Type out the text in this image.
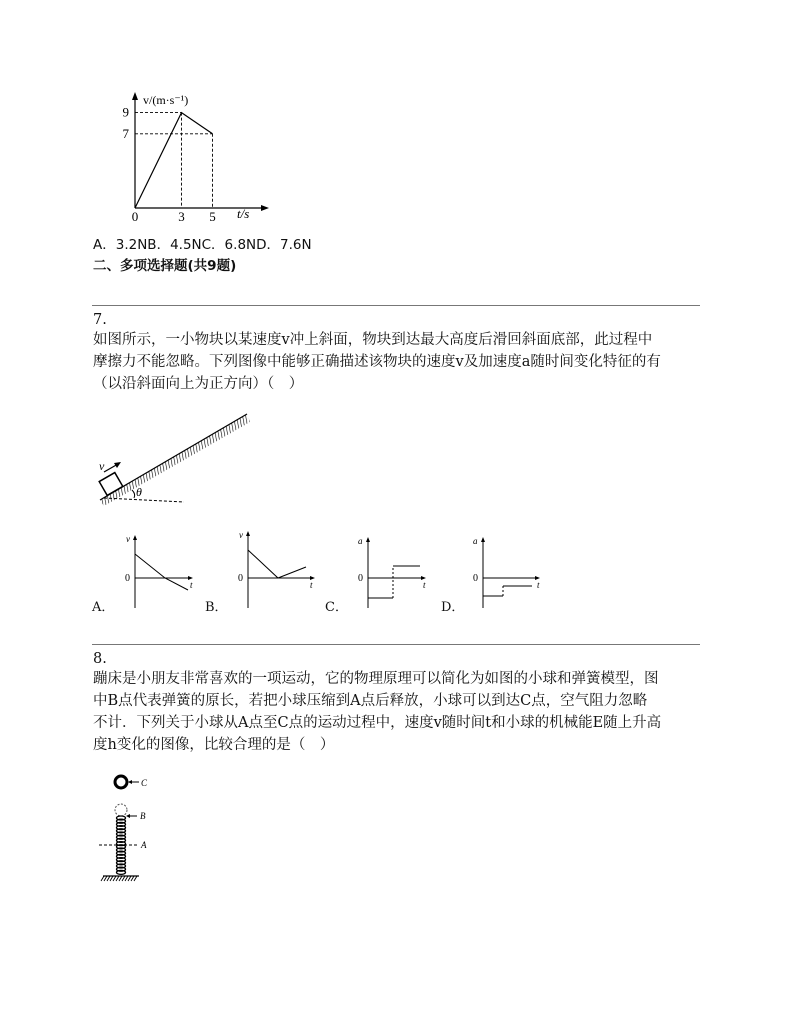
9
7
0	3 5
v/(m·s⁻¹)
t/s
A．3.2NB．4.5NC．6.8ND．7.6N
二、多项选择题(共9题)
7.
如图所示，一小物块以某速度v冲上斜面，物块到达最大高度后滑回斜面底部，此过程中
摩擦力不能忽略。下列图像中能够正确描述该物块的速度v及加速度a随时间变化特征的有
（以沿斜面向上为正方向）（　）
v
θ
v
0
t
v
0
t
a
0
t
a
0
t
A．	B．	C．	D．
8.
蹦床是小朋友非常喜欢的一项运动，它的物理原理可以简化为如图的小球和弹簧模型，图
中B点代表弹簧的原长，若把小球压缩到A点后释放，小球可以到达C点，空气阻力忽略
不计．下列关于小球从A点至C点的运动过程中，速度v随时间t和小球的机械能E随上升高
度h变化的图像，比较合理的是（　）
C
B
A
